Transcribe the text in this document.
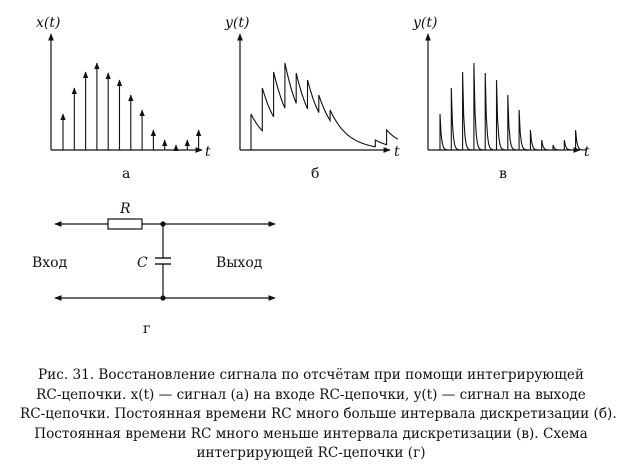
x(t)
t
а
y(t)
t
б
y(t)
t
в
R
C
Вход	Выход
г
Рис. 31. Восстановление сигнала по отсчётам при помощи интегрирующей
RC-цепочки. x(t) — сигнал (а) на входе RC-цепочки, y(t) — сигнал на выходе
RC-цепочки. Постоянная времени RC много больше интервала дискретизации (б).
Постоянная времени RC много меньше интервала дискретизации (в). Схема
интегрирующей RC-цепочки (г)
